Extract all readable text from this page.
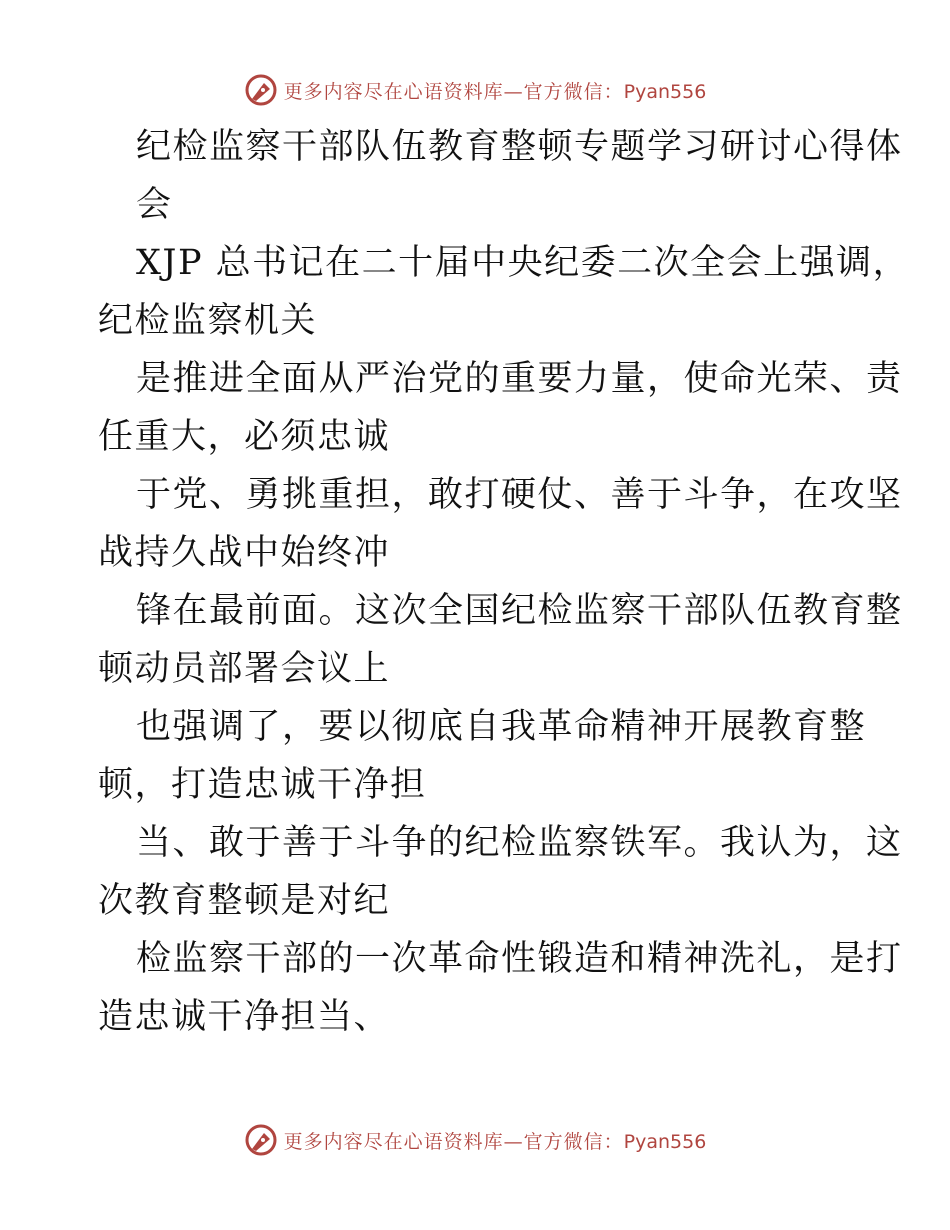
更多内容尽在心语资料库—官方微信：Pyan556
纪检监察干部队伍教育整顿专题学习研讨心得体
会
XJP 总书记在二十届中央纪委二次全会上强调，
纪检监察机关
是推进全面从严治党的重要力量，使命光荣、责
任重大，必须忠诚
于党、勇挑重担，敢打硬仗、善于斗争，在攻坚
战持久战中始终冲
锋在最前面。这次全国纪检监察干部队伍教育整
顿动员部署会议上
也强调了，要以彻底自我革命精神开展教育整
顿，打造忠诚干净担
当、敢于善于斗争的纪检监察铁军。我认为，这
次教育整顿是对纪
检监察干部的一次革命性锻造和精神洗礼，是打
造忠诚干净担当、
更多内容尽在心语资料库—官方微信：Pyan556
